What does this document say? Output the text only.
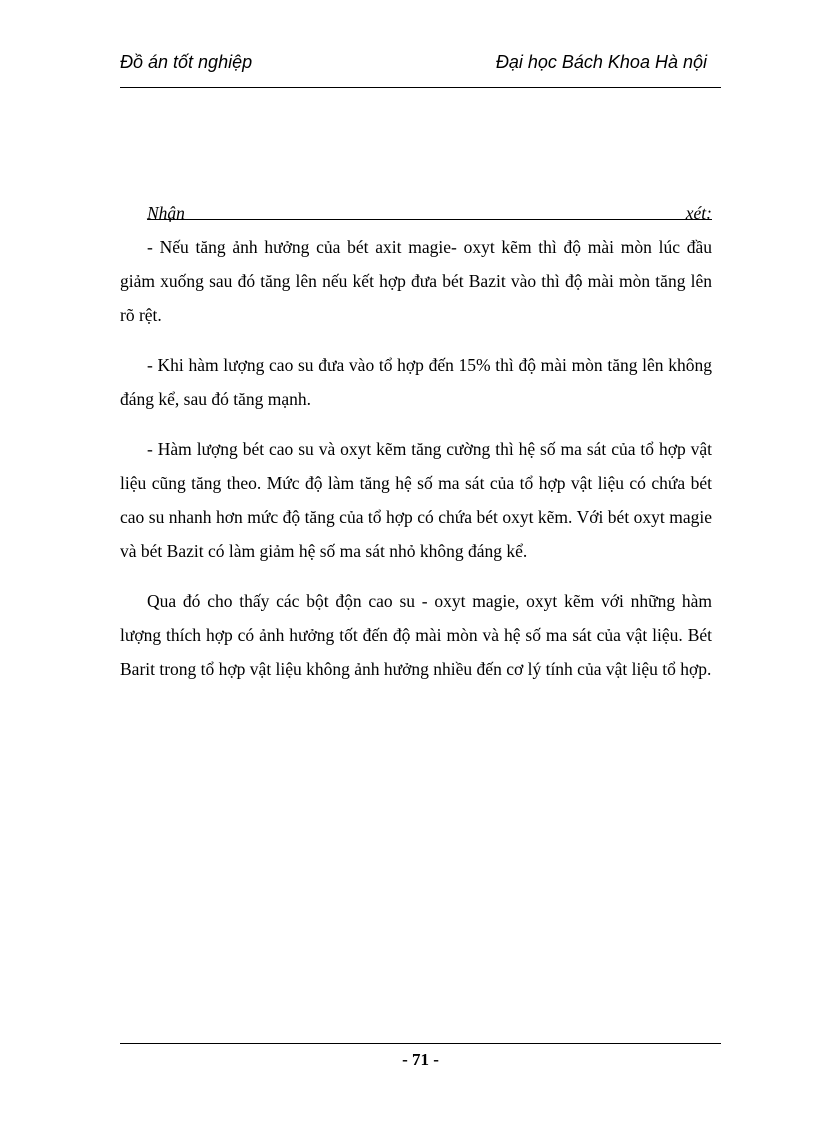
Đồ án tốt nghiệp	Đại học Bách Khoa Hà nội
Nhận	xét:

- Nếu tăng ảnh hưởng của bét axit magie- oxyt kẽm thì độ mài mòn lúc đầu giảm xuống sau đó tăng lên nếu kết hợp đưa bét Bazit vào thì độ mài mòn tăng lên rõ rệt.

- Khi hàm lượng cao su đưa vào tổ hợp đến 15% thì độ mài mòn tăng lên không đáng kể, sau đó tăng mạnh.

- Hàm lượng bét cao su và oxyt kẽm tăng cường thì hệ số ma sát của tổ hợp vật liệu cũng tăng theo. Mức độ làm tăng hệ số ma sát của tổ hợp vật liệu có chứa bét cao su nhanh hơn mức độ tăng của tổ hợp có chứa bét oxyt kẽm. Với bét oxyt magie và bét Bazit có làm giảm hệ số ma sát nhỏ không đáng kể.

Qua đó cho thấy các bột độn cao su - oxyt magie, oxyt kẽm với những hàm lượng thích hợp có ảnh hưởng tốt đến độ mài mòn và hệ số ma sát của vật liệu. Bét Barit trong tổ hợp vật liệu không ảnh hưởng nhiều đến cơ lý tính của vật liệu tổ hợp.

- 71 -
